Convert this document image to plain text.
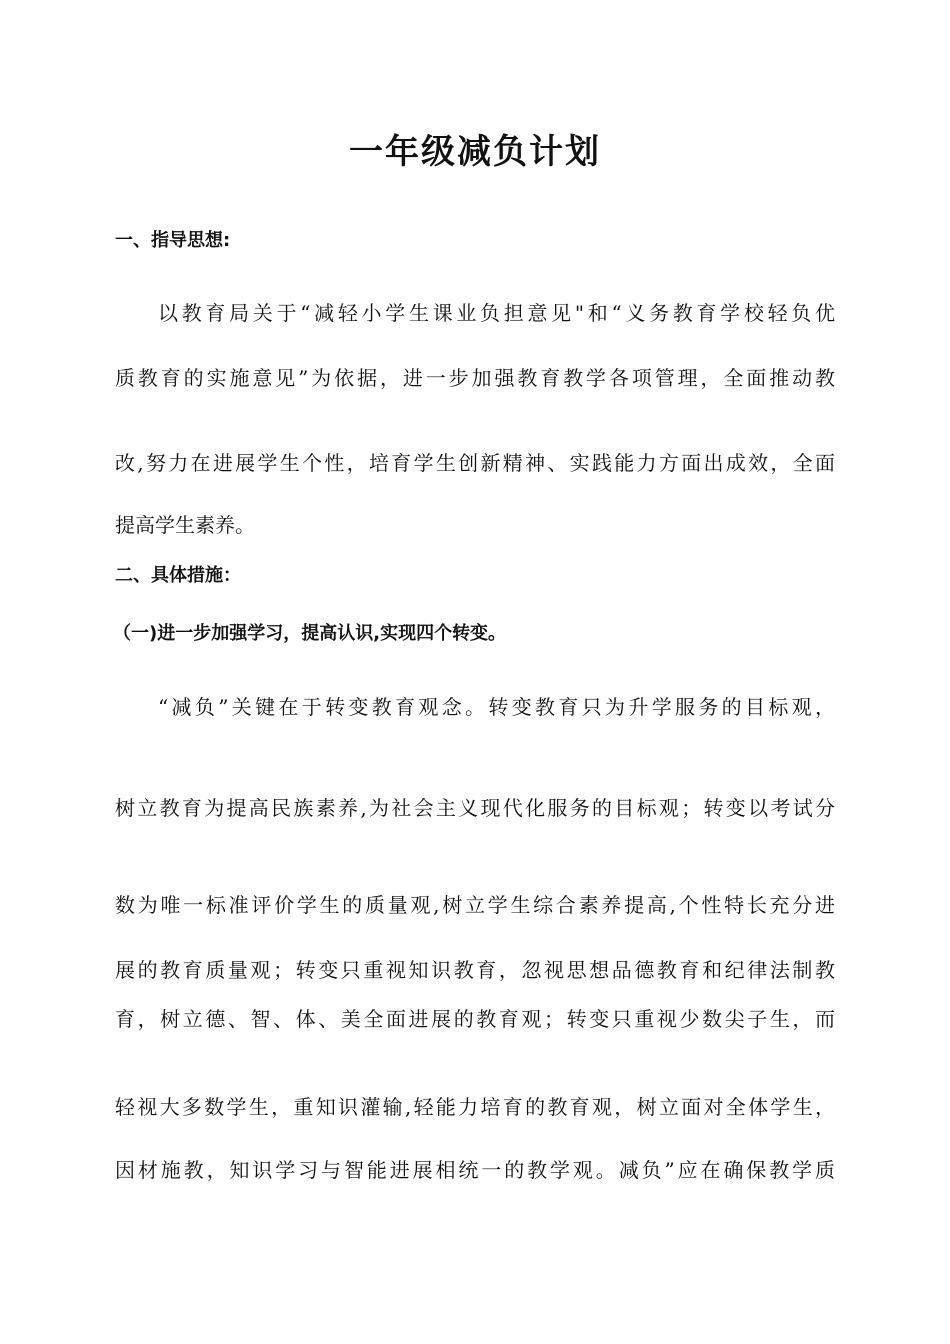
一年级减负计划
一、指导思想:
以教育局关于“减轻小学生课业负担意见"和“义务教育学校轻负优
质教育的实施意见”为依据，进一步加强教育教学各项管理，全面推动教
改,努力在进展学生个性，培育学生创新精神、实践能力方面出成效，全面
提高学生素养。
二、具体措施：
（一)进一步加强学习，提高认识,实现四个转变。
“减负”关键在于转变教育观念。转变教育只为升学服务的目标观，
树立教育为提高民族素养,为社会主义现代化服务的目标观；转变以考试分
数为唯一标准评价学生的质量观,树立学生综合素养提高,个性特长充分进
展的教育质量观；转变只重视知识教育，忽视思想品德教育和纪律法制教
育，树立德、智、体、美全面进展的教育观；转变只重视少数尖子生，而
轻视大多数学生，重知识灌输,轻能力培育的教育观，树立面对全体学生，
因材施教，知识学习与智能进展相统一的教学观。减负”应在确保教学质
